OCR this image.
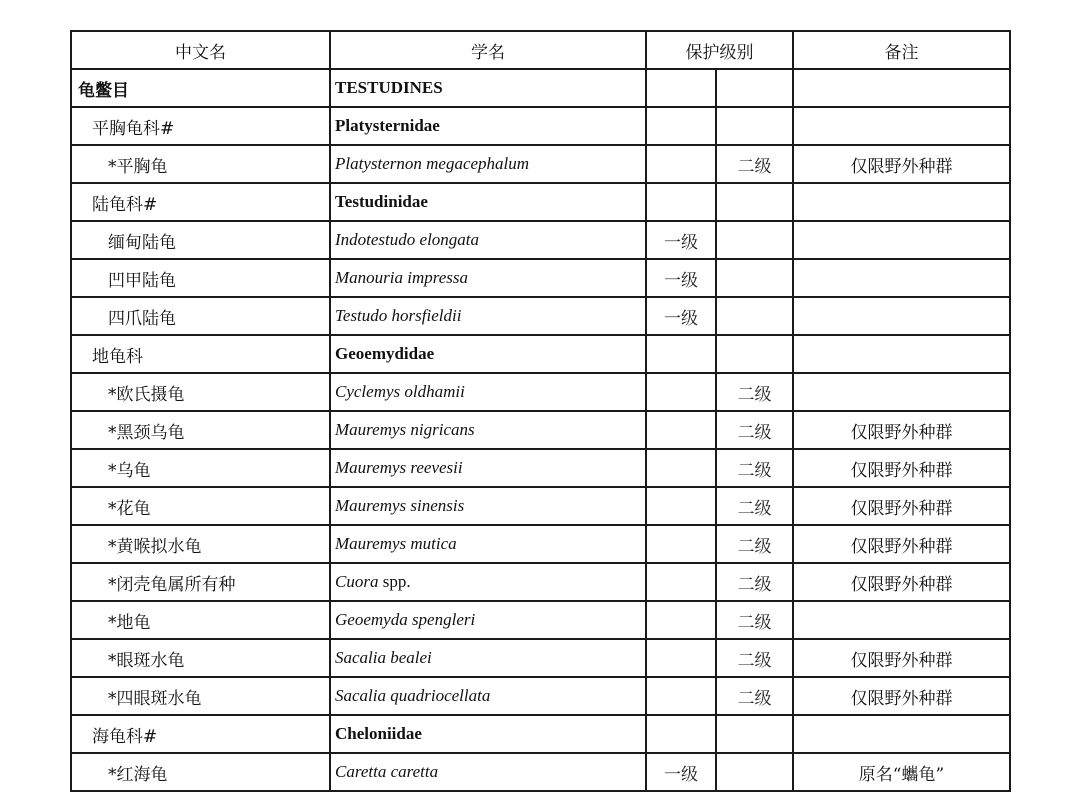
中文名	学名	保护级别		备注
龟鳖目	TESTUDINES			
平胸龟科#	Platysternidae			
*平胸龟	Platysternon megacephalum		二级	仅限野外种群
陆龟科#	Testudinidae			
缅甸陆龟	Indotestudo elongata	一级		
凹甲陆龟	Manouria impressa	一级		
四爪陆龟	Testudo horsfieldii	一级		
地龟科	Geoemydidae			
*欧氏摄龟	Cyclemys oldhamii		二级	
*黑颈乌龟	Mauremys nigricans		二级	仅限野外种群
*乌龟	Mauremys reevesii		二级	仅限野外种群
*花龟	Mauremys sinensis		二级	仅限野外种群
*黄喉拟水龟	Mauremys mutica		二级	仅限野外种群
*闭壳龟属所有种	Cuora spp.		二级	仅限野外种群
*地龟	Geoemyda spengleri		二级	
*眼斑水龟	Sacalia bealei		二级	仅限野外种群
*四眼斑水龟	Sacalia quadriocellata		二级	仅限野外种群
海龟科#	Cheloniidae			
*红海龟	Caretta caretta	一级		原名“蠵龟”
